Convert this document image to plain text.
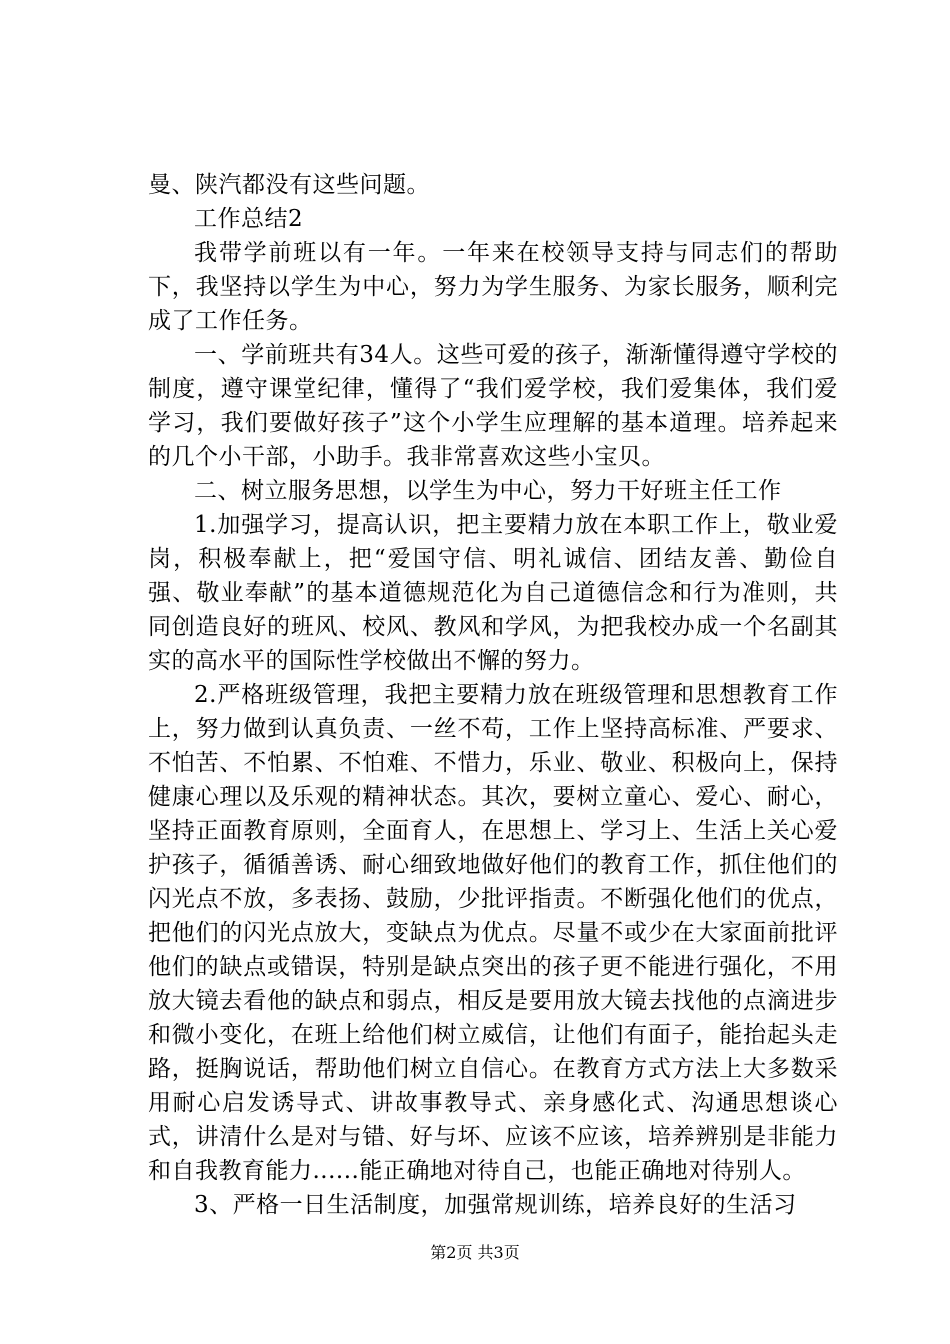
曼、陕汽都没有这些问题。

工作总结2

我带学前班以有一年。一年来在校领导支持与同志们的帮助下，我坚持以学生为中心，努力为学生服务、为家长服务，顺利完成了工作任务。

一、学前班共有34人。这些可爱的孩子，渐渐懂得遵守学校的制度，遵守课堂纪律，懂得了“我们爱学校，我们爱集体，我们爱学习，我们要做好孩子”这个小学生应理解的基本道理。培养起来的几个小干部，小助手。我非常喜欢这些小宝贝。

二、树立服务思想，以学生为中心，努力干好班主任工作

1.加强学习，提高认识，把主要精力放在本职工作上，敬业爱岗，积极奉献上，把“爱国守信、明礼诚信、团结友善、勤俭自强、敬业奉献”的基本道德规范化为自己道德信念和行为准则，共同创造良好的班风、校风、教风和学风，为把我校办成一个名副其实的高水平的国际性学校做出不懈的努力。

2.严格班级管理，我把主要精力放在班级管理和思想教育工作上，努力做到认真负责、一丝不苟，工作上坚持高标准、严要求、不怕苦、不怕累、不怕难、不惜力，乐业、敬业、积极向上，保持健康心理以及乐观的精神状态。其次，要树立童心、爱心、耐心，坚持正面教育原则，全面育人，在思想上、学习上、生活上关心爱护孩子，循循善诱、耐心细致地做好他们的教育工作，抓住他们的闪光点不放，多表扬、鼓励，少批评指责。不断强化他们的优点，把他们的闪光点放大，变缺点为优点。尽量不或少在大家面前批评他们的缺点或错误，特别是缺点突出的孩子更不能进行强化，不用放大镜去看他的缺点和弱点，相反是要用放大镜去找他的点滴进步和微小变化，在班上给他们树立威信，让他们有面子，能抬起头走路，挺胸说话，帮助他们树立自信心。在教育方式方法上大多数采用耐心启发诱导式、讲故事教导式、亲身感化式、沟通思想谈心式，讲清什么是对与错、好与坏、应该不应该，培养辨别是非能力和自我教育能力......能正确地对待自己，也能正确地对待别人。

3、严格一日生活制度，加强常规训练，培养良好的生活习

第2页 共3页
